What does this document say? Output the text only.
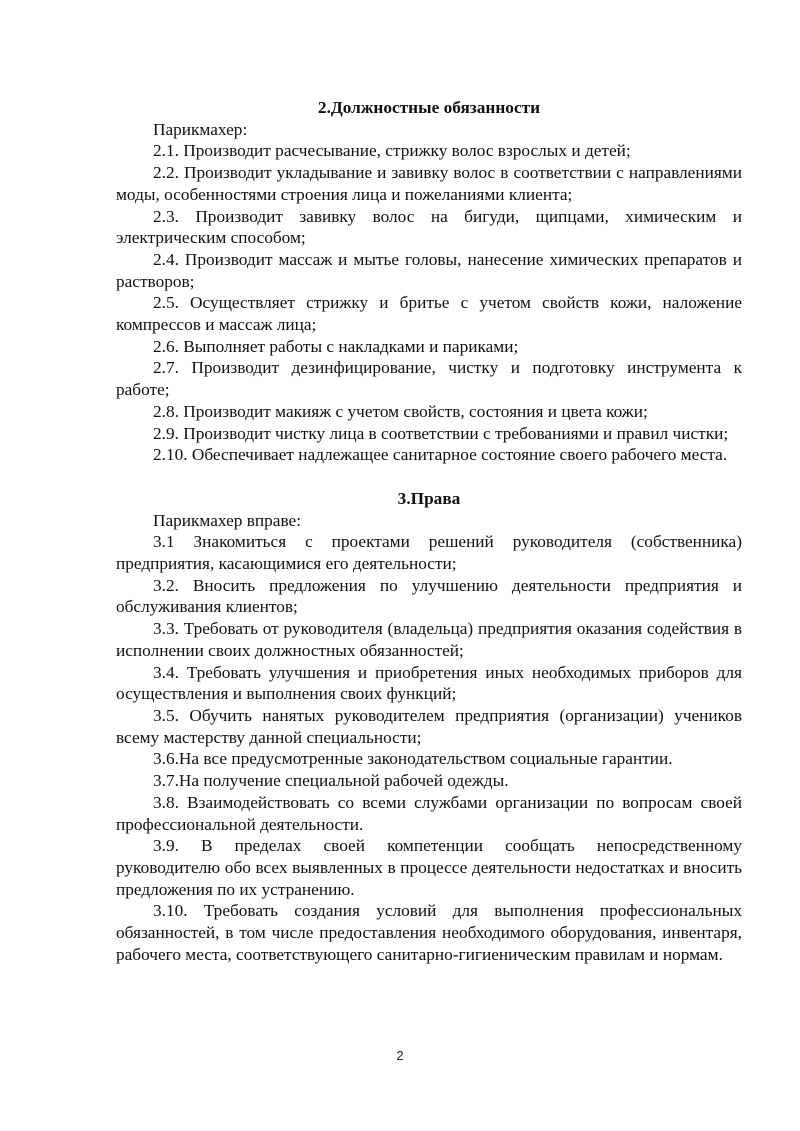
2.Должностные обязанности

Парикмахер:

2.1. Производит расчесывание, стрижку волос взрослых и детей;

2.2. Производит укладывание и завивку волос в соответствии с направлениями моды, особенностями строения лица и пожеланиями клиента;

2.3. Производит завивку волос на бигуди, щипцами, химическим и электрическим способом;

2.4. Производит массаж и мытье головы, нанесение химических препаратов и растворов;

2.5. Осуществляет стрижку и бритье с учетом свойств кожи, наложение компрессов и массаж лица;

2.6. Выполняет работы с накладками и париками;

2.7. Производит дезинфицирование, чистку и подготовку инструмента к работе;

2.8. Производит макияж с учетом свойств, состояния и цвета кожи;

2.9. Производит чистку лица в соответствии с требованиями и правил чистки;

2.10. Обеспечивает надлежащее санитарное состояние своего рабочего места.

3.Права

Парикмахер вправе:

3.1 Знакомиться с проектами решений руководителя (собственника) предприятия, касающимися его деятельности;

3.2. Вносить предложения по улучшению деятельности предприятия и обслуживания клиентов;

3.3. Требовать от руководителя (владельца) предприятия оказания содействия в исполнении своих должностных обязанностей;

3.4. Требовать улучшения и приобретения иных необходимых приборов для осуществления и выполнения своих функций;

3.5. Обучить нанятых руководителем предприятия (организации) учеников всему мастерству данной специальности;

3.6.На все предусмотренные законодательством социальные гарантии.

3.7.На получение специальной рабочей одежды.

3.8. Взаимодействовать со всеми службами организации по вопросам своей профессиональной деятельности.

3.9. В пределах своей компетенции сообщать непосредственному руководителю обо всех выявленных в процессе деятельности недостатках и вносить предложения по их устранению.

3.10. Требовать создания условий для выполнения профессиональных обязанностей, в том числе предоставления необходимого оборудования, инвентаря, рабочего места, соответствующего санитарно-гигиеническим правилам и нормам.

2
